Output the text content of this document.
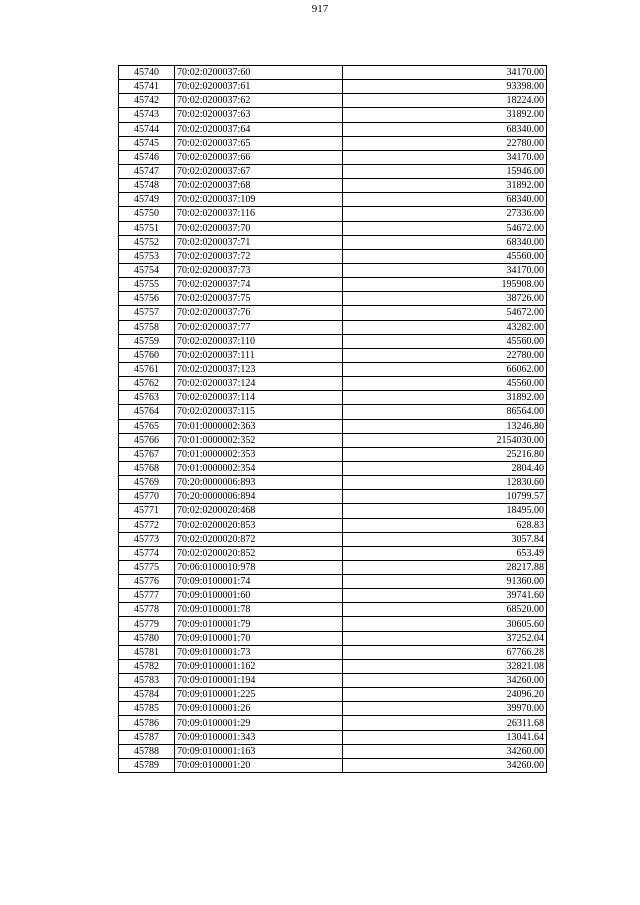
917
45740	70:02:0200037:60	34170.00
45741	70:02:0200037:61	93398.00
45742	70:02:0200037:62	18224.00
45743	70:02:0200037:63	31892.00
45744	70:02:0200037:64	68340.00
45745	70:02:0200037:65	22780.00
45746	70:02:0200037:66	34170.00
45747	70:02:0200037:67	15946.00
45748	70:02:0200037:68	31892.00
45749	70:02:0200037:109	68340.00
45750	70:02:0200037:116	27336.00
45751	70:02:0200037:70	54672.00
45752	70:02:0200037:71	68340.00
45753	70:02:0200037:72	45560.00
45754	70:02:0200037:73	34170.00
45755	70:02:0200037:74	195908.00
45756	70:02:0200037:75	38726.00
45757	70:02:0200037:76	54672.00
45758	70:02:0200037:77	43282.00
45759	70:02:0200037:110	45560.00
45760	70:02:0200037:111	22780.00
45761	70:02:0200037:123	66062.00
45762	70:02:0200037:124	45560.00
45763	70:02:0200037:114	31892.00
45764	70:02:0200037:115	86564.00
45765	70:01:0000002:363	13246.80
45766	70:01:0000002:352	2154030.00
45767	70:01:0000002:353	25216.80
45768	70:01:0000002:354	2804.40
45769	70:20:0000006:893	12830.60
45770	70:20:0000006:894	10799.57
45771	70:02:0200020:468	18495.00
45772	70:02:0200020:853	628.83
45773	70:02:0200020:872	3057.84
45774	70:02:0200020:852	653.49
45775	70:06:0100010:978	28217.88
45776	70:09:0100001:74	91360.00
45777	70:09:0100001:60	39741.60
45778	70:09:0100001:78	68520.00
45779	70:09:0100001:79	30605.60
45780	70:09:0100001:70	37252.04
45781	70:09:0100001:73	67766.28
45782	70:09:0100001:162	32821.08
45783	70:09:0100001:194	34260.00
45784	70:09:0100001:225	24096.20
45785	70:09:0100001:26	39970.00
45786	70:09:0100001:29	26311.68
45787	70:09:0100001:343	13041.64
45788	70:09:0100001:163	34260.00
45789	70:09:0100001:20	34260.00
